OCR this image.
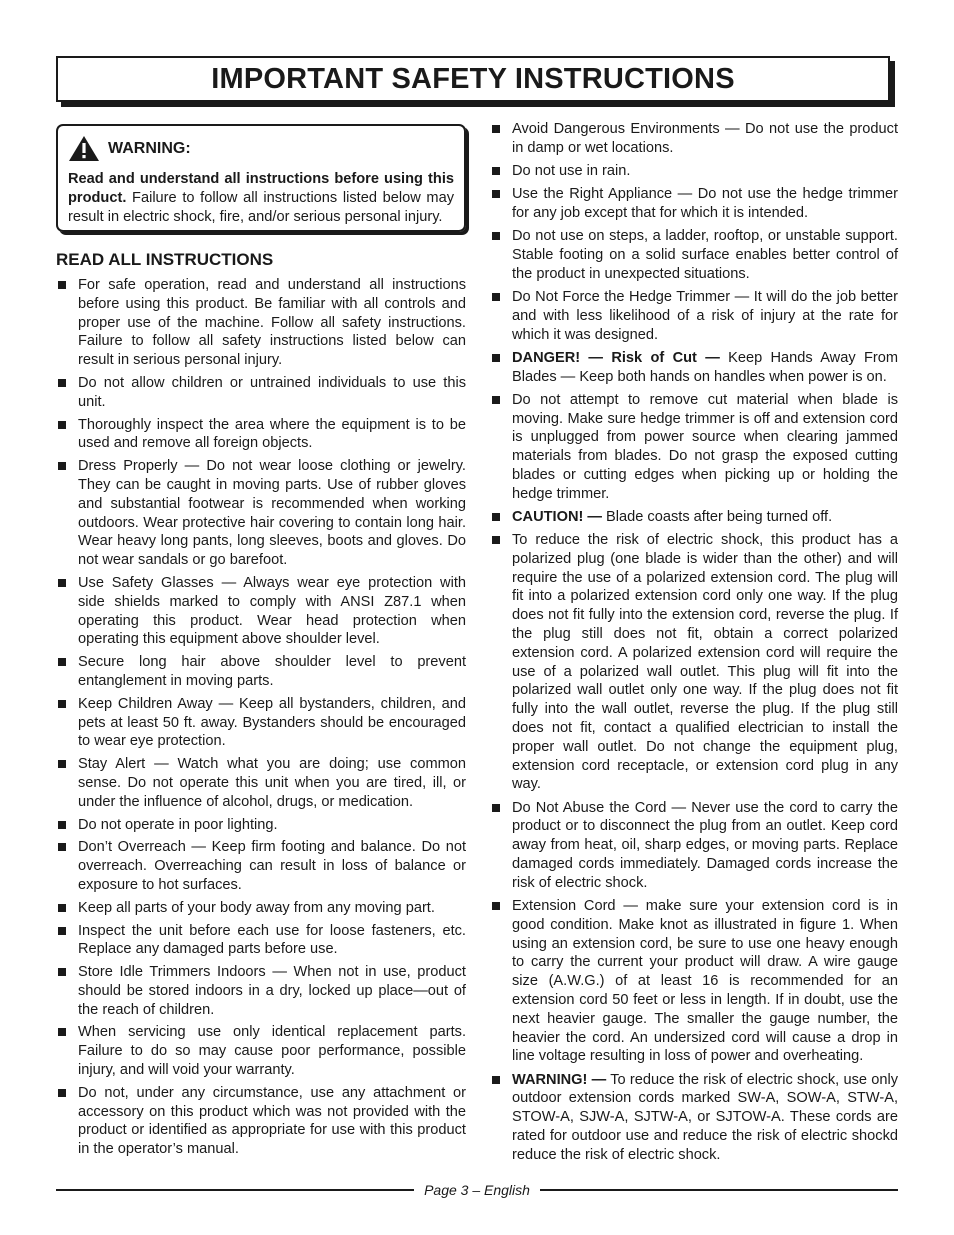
IMPORTANT SAFETY INSTRUCTIONS
WARNING:

Read and understand all instructions before using this product. Failure to follow all instructions listed below may result in electric shock, fire, and/or serious personal injury.

READ ALL INSTRUCTIONS
For safe operation, read and understand all instructions before using this product. Be familiar with all controls and proper use of the machine. Follow all safety instructions. Failure to follow all safety instructions listed below can result in serious personal injury.
Do not allow children or untrained individuals to use this unit.
Thoroughly inspect the area where the equipment is to be used and remove all foreign objects.
Dress Properly — Do not wear loose clothing or jewelry. They can be caught in moving parts. Use of rubber gloves and substantial footwear is recommended when working outdoors. Wear protective hair covering to contain long hair. Wear heavy long pants, long sleeves, boots and gloves. Do not wear sandals or go barefoot.
Use Safety Glasses — Always wear eye protection with side shields marked to comply with ANSI Z87.1 when operating this product. Wear head protection when operating this equipment above shoulder level.
Secure long hair above shoulder level to prevent entanglement in moving parts.
Keep Children Away — Keep all bystanders, children, and pets at least 50 ft. away. Bystanders should be encouraged to wear eye protection.
Stay Alert — Watch what you are doing; use common sense. Do not operate this unit when you are tired, ill, or under the influence of alcohol, drugs, or medication.
Do not operate in poor lighting.
Don’t Overreach — Keep firm footing and balance. Do not overreach. Overreaching can result in loss of balance or exposure to hot surfaces.
Keep all parts of your body away from any moving part.
Inspect the unit before each use for loose fasteners, etc. Replace any damaged parts before use.
Store Idle Trimmers Indoors — When not in use, product should be stored indoors in a dry, locked up place—out of the reach of children.
When servicing use only identical replacement parts. Failure to do so may cause poor performance, possible injury, and will void your warranty.
Do not, under any circumstance, use any attachment or accessory on this product which was not provided with the product or identified as appropriate for use with this product in the operator’s manual.
Avoid Dangerous Environments — Do not use the product in damp or wet locations.
Do not use in rain.
Use the Right Appliance — Do not use the hedge trimmer for any job except that for which it is intended.
Do not use on steps, a ladder, rooftop, or unstable support. Stable footing on a solid surface enables better control of the product in unexpected situations.
Do Not Force the Hedge Trimmer — It will do the job better and with less likelihood of a risk of injury at the rate for which it was designed.
DANGER! — Risk of Cut — Keep Hands Away From Blades — Keep both hands on handles when power is on.
Do not attempt to remove cut material when blade is moving. Make sure hedge trimmer is off and extension cord is unplugged from power source when clearing jammed materials from blades. Do not grasp the exposed cutting blades or cutting edges when picking up or holding the hedge trimmer.
CAUTION! — Blade coasts after being turned off.
To reduce the risk of electric shock, this product has a polarized plug (one blade is wider than the other) and will require the use of a polarized extension cord. The plug will fit into a polarized extension cord only one way. If the plug does not fit fully into the extension cord, reverse the plug. If the plug still does not fit, obtain a correct polarized extension cord. A polarized extension cord will require the use of a polarized wall outlet. This plug will fit into the polarized wall outlet only one way. If the plug does not fit fully into the wall outlet, reverse the plug. If the plug still does not fit, contact a qualified electrician to install the proper wall outlet. Do not change the equipment plug, extension cord receptacle, or extension cord plug in any way.
Do Not Abuse the Cord — Never use the cord to carry the product or to disconnect the plug from an outlet. Keep cord away from heat, oil, sharp edges, or moving parts. Replace damaged cords immediately. Damaged cords increase the risk of electric shock.
Extension Cord — make sure your extension cord is in good condition. Make knot as illustrated in figure 1. When using an extension cord, be sure to use one heavy enough to carry the current your product will draw. A wire gauge size (A.W.G.) of at least 16 is recommended for an extension cord 50 feet or less in length. If in doubt, use the next heavier gauge. The smaller the gauge number, the heavier the cord. An undersized cord will cause a drop in line voltage resulting in loss of power and overheating.
WARNING! — To reduce the risk of electric shock, use only outdoor extension cords marked SW-A, SOW-A, STW-A, STOW-A, SJW-A, SJTW-A, or SJTOW-A. These cords are rated for outdoor use and reduce the risk of electric shockd reduce the risk of electric shock.
Page 3 – English
